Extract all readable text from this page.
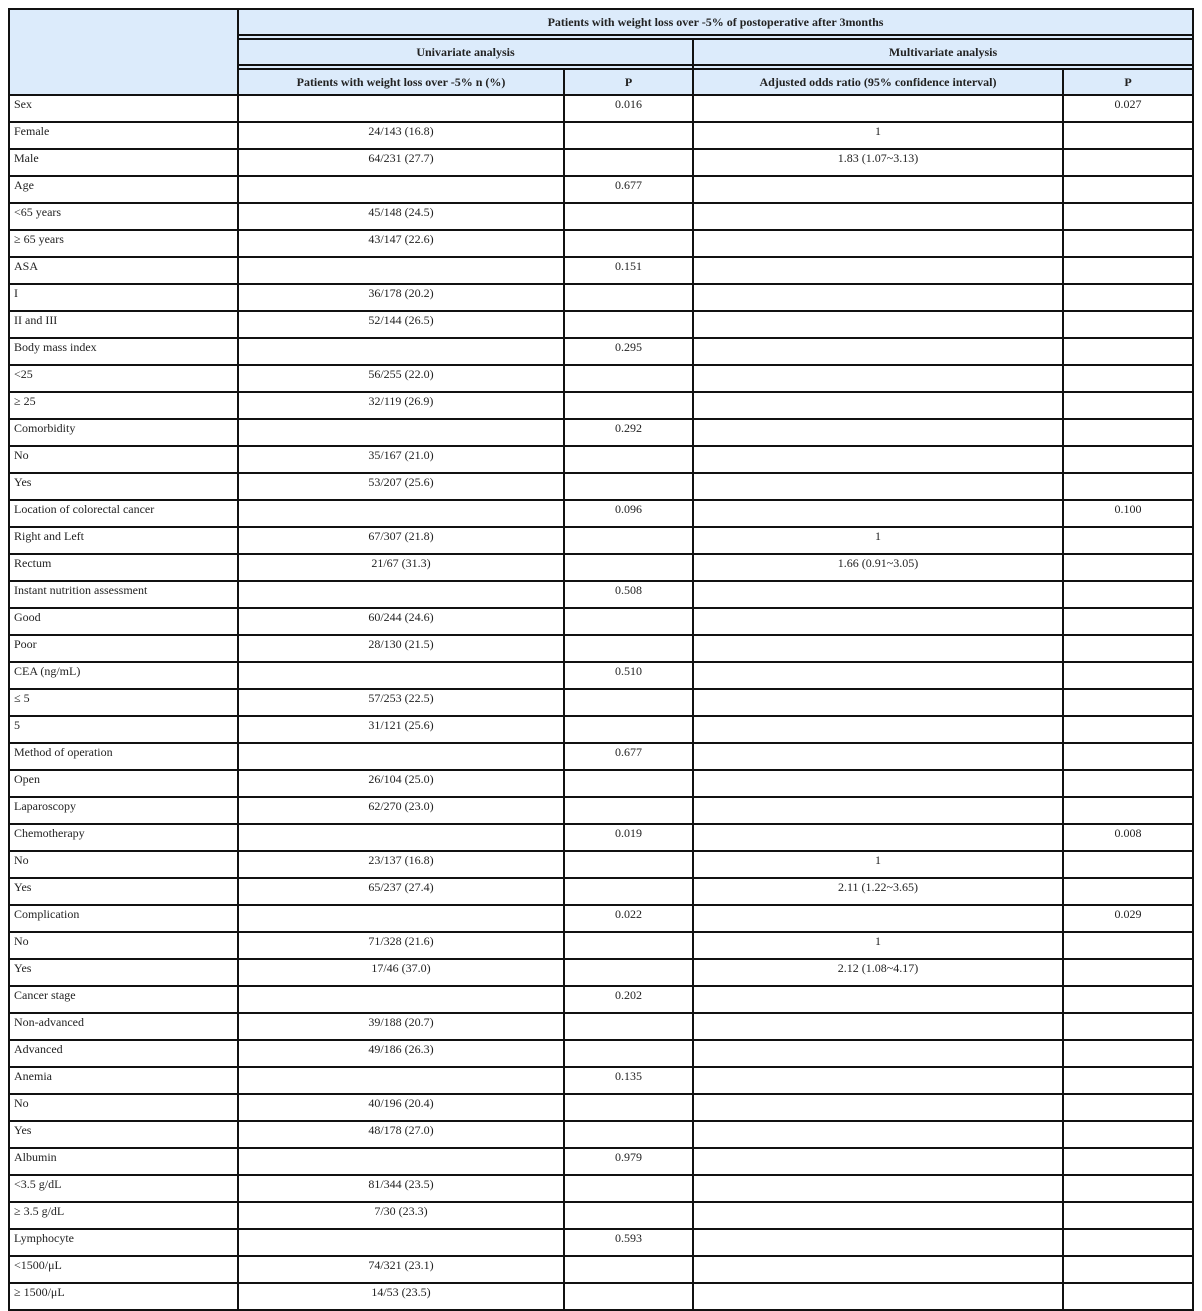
	Patients with weight loss over -5% of postoperative after 3months			

	Univariate analysis		Multivariate analysis	

	Patients with weight loss over -5% n (%)	P	Adjusted odds ratio (95% confidence interval)	P
Sex		0.016		0.027
Female	24/143 (16.8)		1	
Male	64/231 (27.7)		1.83 (1.07~3.13)	
Age		0.677		
<65 years	45/148 (24.5)			
≥ 65 years	43/147 (22.6)			
ASA		0.151		
I	36/178 (20.2)			
II and III	52/144 (26.5)			
Body mass index		0.295		
<25	56/255 (22.0)			
≥ 25	32/119 (26.9)			
Comorbidity		0.292		
No	35/167 (21.0)			
Yes	53/207 (25.6)			
Location of colorectal cancer		0.096		0.100
Right and Left	67/307 (21.8)		1	
Rectum	21/67 (31.3)		1.66 (0.91~3.05)	
Instant nutrition assessment		0.508		
Good	60/244 (24.6)			
Poor	28/130 (21.5)			
CEA (ng/mL)		0.510		
≤ 5	57/253 (22.5)			
5	31/121 (25.6)			
Method of operation		0.677		
Open	26/104 (25.0)			
Laparoscopy	62/270 (23.0)			
Chemotherapy		0.019		0.008
No	23/137 (16.8)		1	
Yes	65/237 (27.4)		2.11 (1.22~3.65)	
Complication		0.022		0.029
No	71/328 (21.6)		1	
Yes	17/46 (37.0)		2.12 (1.08~4.17)	
Cancer stage		0.202		
Non-advanced	39/188 (20.7)			
Advanced	49/186 (26.3)			
Anemia		0.135		
No	40/196 (20.4)			
Yes	48/178 (27.0)			
Albumin		0.979		
<3.5 g/dL	81/344 (23.5)			
≥ 3.5 g/dL	7/30 (23.3)			
Lymphocyte		0.593		
<1500/μL	74/321 (23.1)			
≥ 1500/μL	14/53 (23.5)			
